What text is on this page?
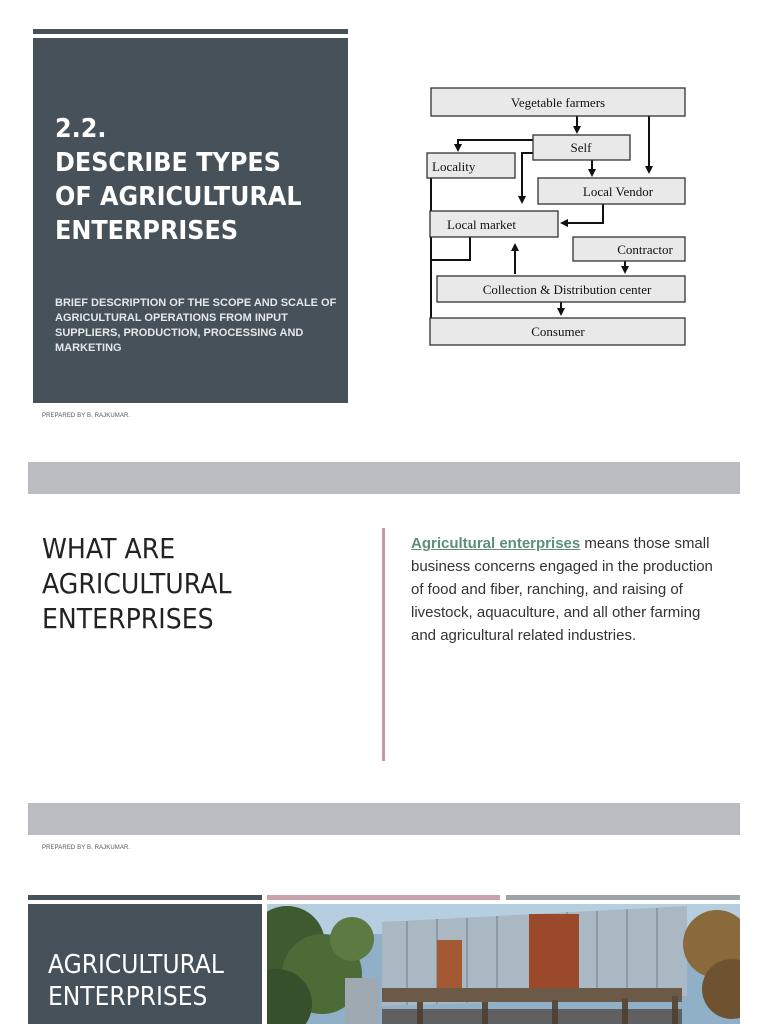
2.2.
DESCRIBE TYPES
OF AGRICULTURAL
ENTERPRISES
BRIEF DESCRIPTION OF THE SCOPE AND SCALE OF AGRICULTURAL OPERATIONS FROM INPUT SUPPLIERS, PRODUCTION, PROCESSING AND MARKETING
PREPARED BY B. RAJKUMAR.
Vegetable farmers
Self
Locality
Local Vendor
Local market
Contractor
Collection & Distribution center
Consumer
WHAT ARE
AGRICULTURAL
ENTERPRISES
Agricultural enterprises means those small business concerns engaged in the production of food and fiber, ranching, and raising of livestock, aquaculture, and all other farming and agricultural related industries.
PREPARED BY B. RAJKUMAR.
AGRICULTURAL
ENTERPRISES
